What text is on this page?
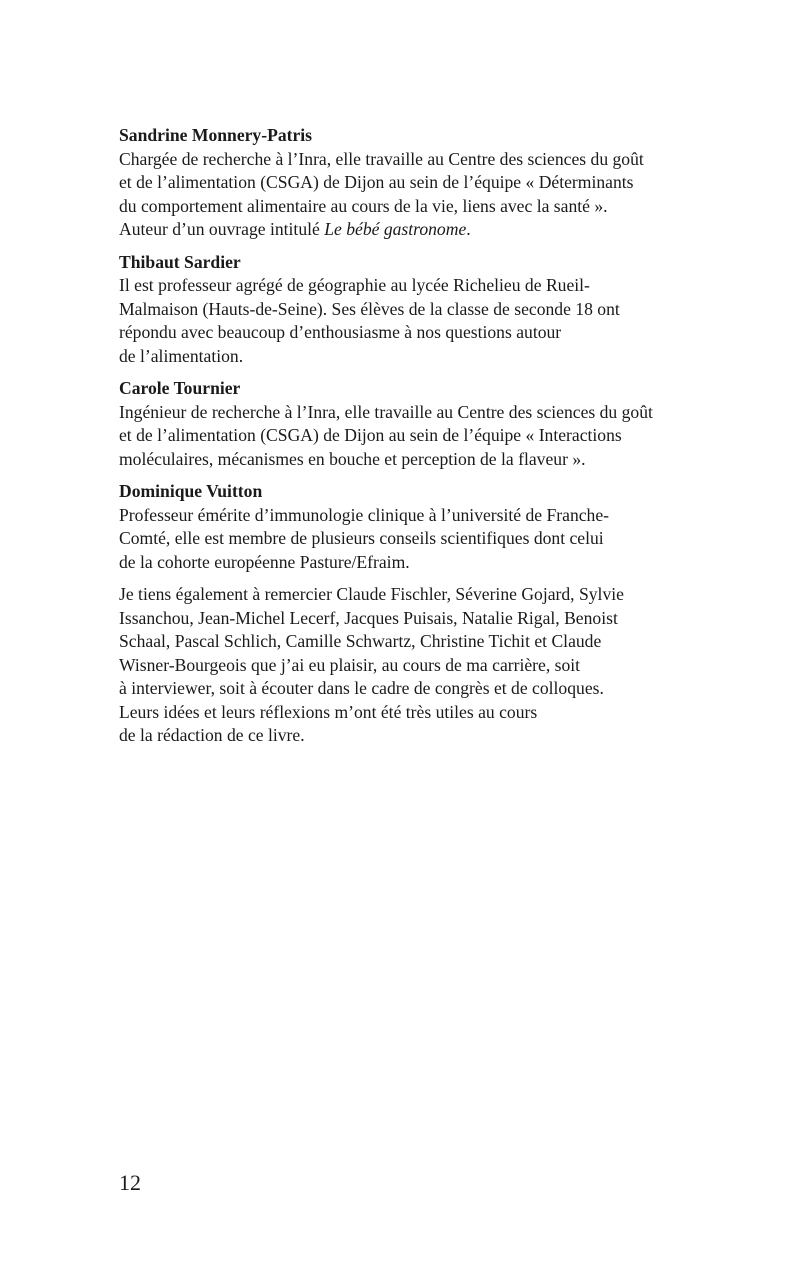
Sandrine Monnery-Patris
Chargée de recherche à l’Inra, elle travaille au Centre des sciences du goût
et de l’alimentation (CSGA) de Dijon au sein de l’équipe « Déterminants
du comportement alimentaire au cours de la vie, liens avec la santé ».
Auteur d’un ouvrage intitulé Le bébé gastronome.
Thibaut Sardier
Il est professeur agrégé de géographie au lycée Richelieu de Rueil-
Malmaison (Hauts-de-Seine). Ses élèves de la classe de seconde 18 ont
répondu avec beaucoup d’enthousiasme à nos questions autour
de l’alimentation.
Carole Tournier
Ingénieur de recherche à l’Inra, elle travaille au Centre des sciences du goût
et de l’alimentation (CSGA) de Dijon au sein de l’équipe « Interactions
moléculaires, mécanismes en bouche et perception de la flaveur ».
Dominique Vuitton
Professeur émérite d’immunologie clinique à l’université de Franche-
Comté, elle est membre de plusieurs conseils scientifiques dont celui
de la cohorte européenne Pasture/Efraim.
Je tiens également à remercier Claude Fischler, Séverine Gojard, Sylvie
Issanchou, Jean-Michel Lecerf, Jacques Puisais, Natalie Rigal, Benoist
Schaal, Pascal Schlich, Camille Schwartz, Christine Tichit et Claude
Wisner-Bourgeois que j’ai eu plaisir, au cours de ma carrière, soit
à interviewer, soit à écouter dans le cadre de congrès et de colloques.
Leurs idées et leurs réflexions m’ont été très utiles au cours
de la rédaction de ce livre.
12
